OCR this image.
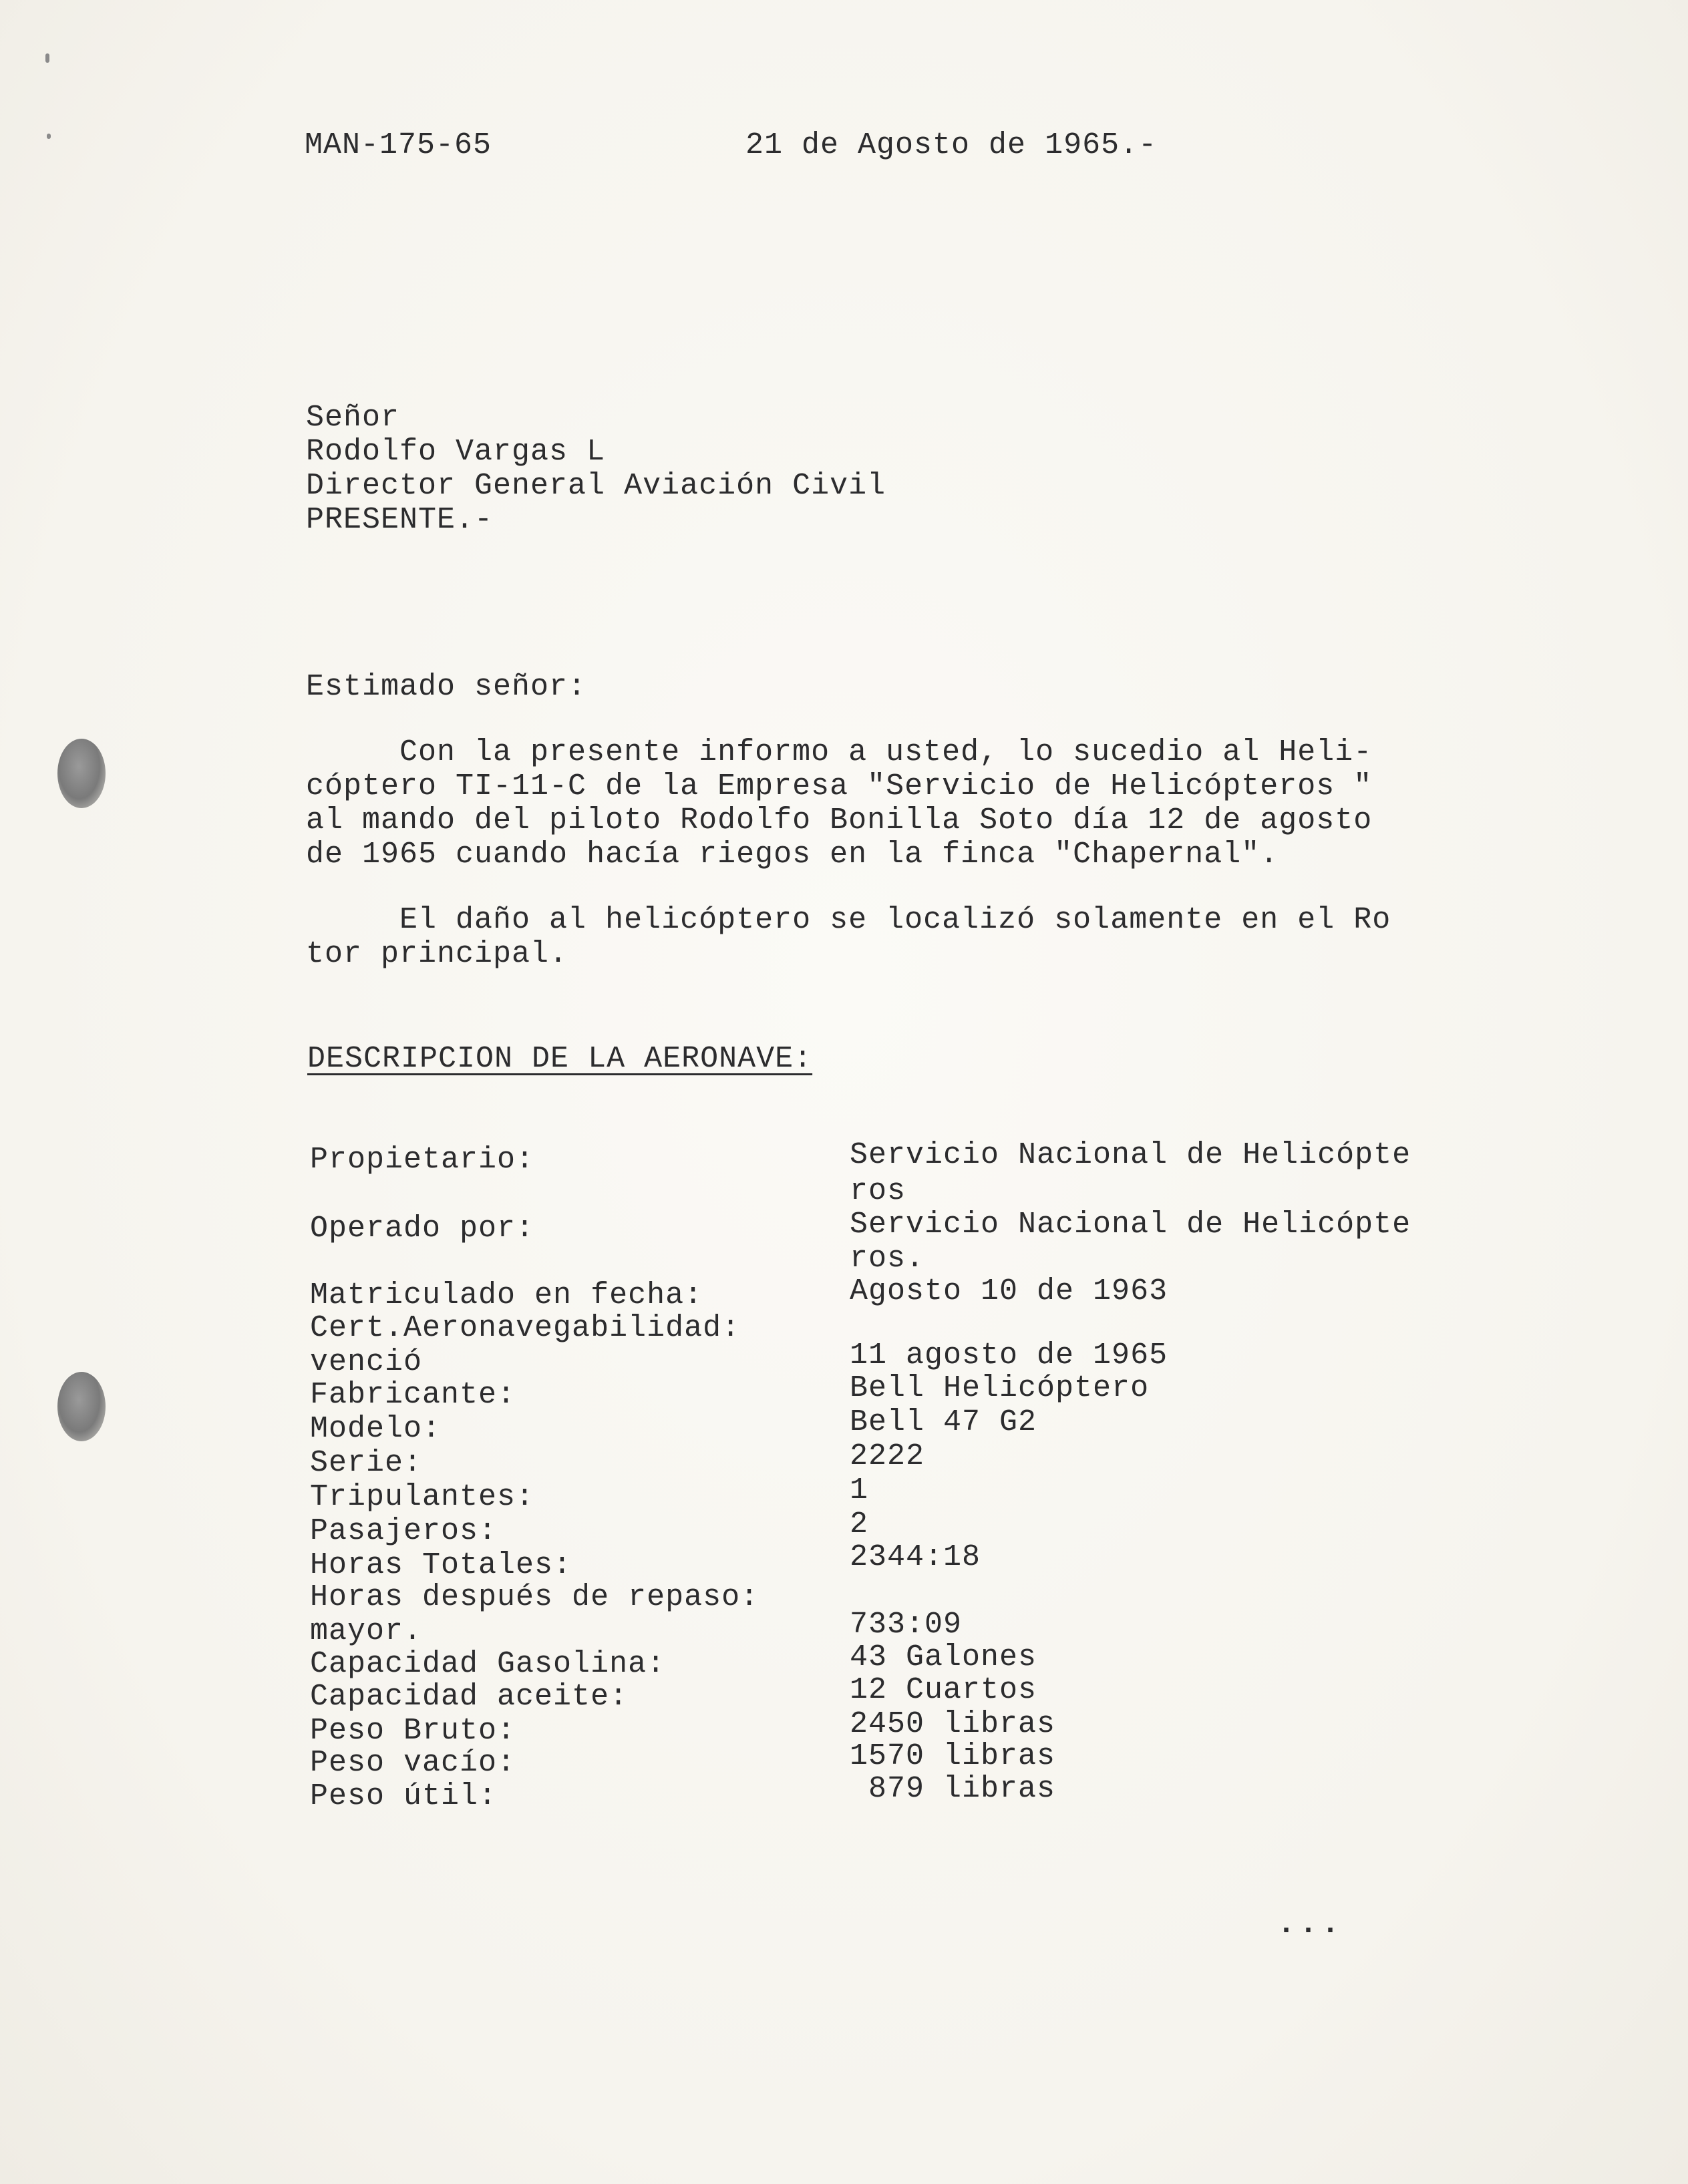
MAN-175-65	21 de Agosto de 1965.-
Señor
Rodolfo Vargas L
Director General Aviación Civil
PRESENTE.-
Estimado señor:
Con la presente informo a usted, lo sucedio al Heli-
cóptero TI-11-C de la Empresa "Servicio de Helicópteros "
al mando del piloto Rodolfo Bonilla Soto día 12 de agosto
de 1965 cuando hacía riegos en la finca "Chapernal".
El daño al helicóptero se localizó solamente en el Ro
tor principal.
DESCRIPCION DE LA AERONAVE:
Propietario:	Servicio Nacional de Helicópte
ros
Operado por:	Servicio Nacional de Helicópte
ros.
Matriculado en fecha:	Agosto 10 de 1963
Cert.Aeronavegabilidad:
venció	11 agosto de 1965
Fabricante:	Bell Helicóptero
Modelo:	Bell 47 G2
Serie:	2222
Tripulantes:	1
Pasajeros:	2
Horas Totales:	2344:18
Horas después de repaso:
mayor.	733:09
Capacidad Gasolina:	43 Galones
Capacidad aceite:	12 Cuartos
Peso Bruto:	2450 libras
Peso vacío:	1570 libras
Peso útil:	879 libras
...
